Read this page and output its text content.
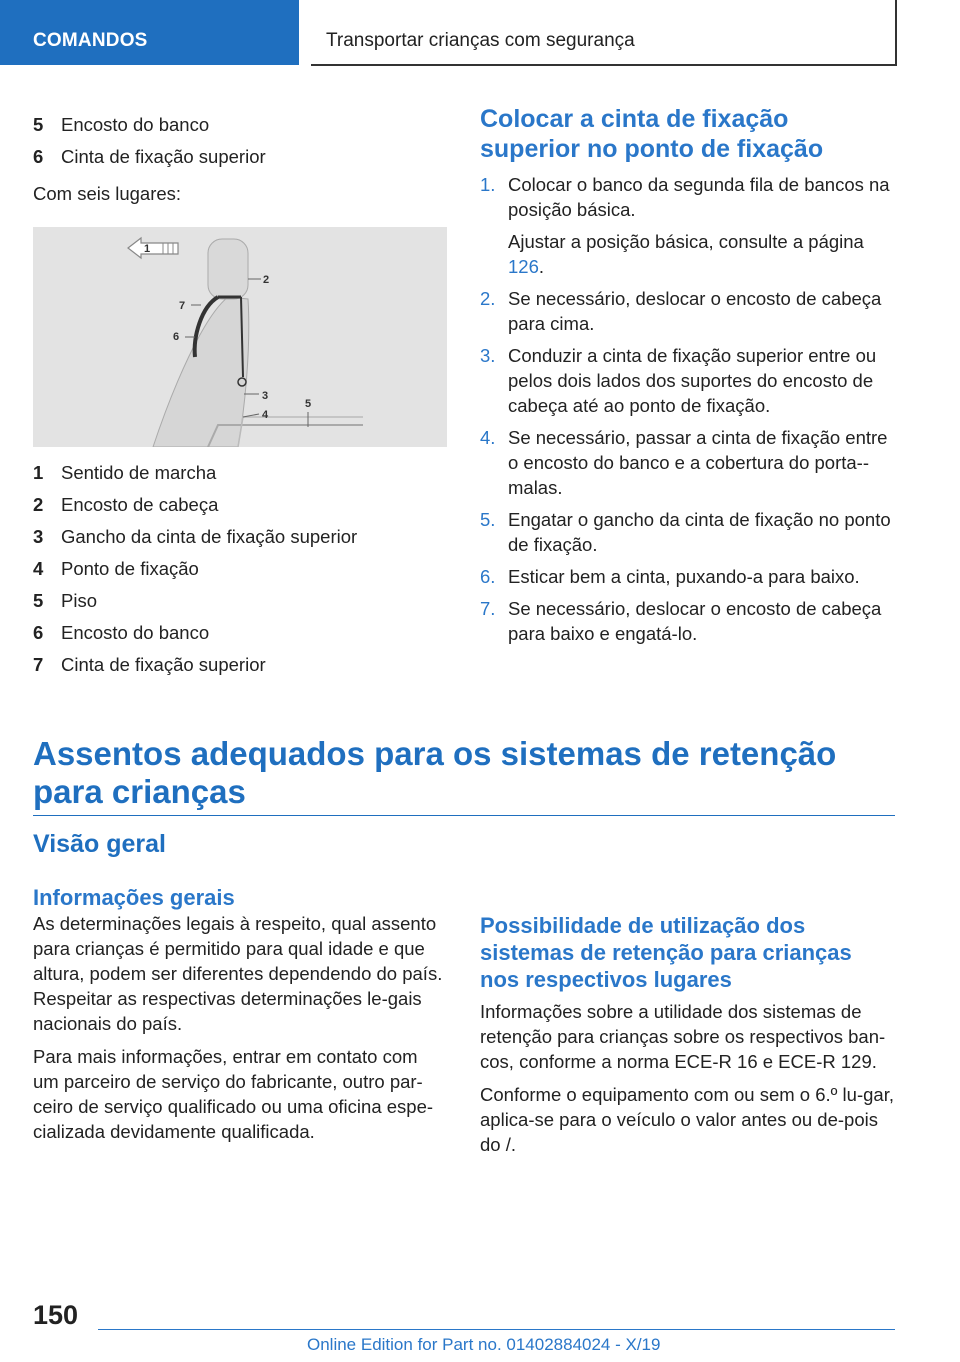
COMANDOS	Transportar crianças com segurança
5 Encosto do banco
6 Cinta de fixação superior

Com seis lugares:

1
2
3
4
5
6
7
1 Sentido de marcha
2 Encosto de cabeça
3 Gancho da cinta de fixação superior
4 Ponto de fixação
5 Piso
6 Encosto do banco
7 Cinta de fixação superior
Colocar a cinta de fixação superior no ponto de fixação
1. Colocar o banco da segunda fila de bancos na posição básica.
Ajustar a posição básica, consulte a página 126.
2. Se necessário, deslocar o encosto de cabeça para cima.
3. Conduzir a cinta de fixação superior entre ou pelos dois lados dos suportes do encosto de cabeça até ao ponto de fixação.
4. Se necessário, passar a cinta de fixação entre o encosto do banco e a cobertura do porta--malas.
5. Engatar o gancho da cinta de fixação no ponto de fixação.
6. Esticar bem a cinta, puxando-a para baixo.
7. Se necessário, deslocar o encosto de cabeça para baixo e engatá-lo.
Assentos adequados para os sistemas de retenção para crianças
Visão geral
Informações gerais

As determinações legais à respeito, qual assento para crianças é permitido para qual idade e que altura, podem ser diferentes dependendo do país. Respeitar as respectivas determinações le-gais nacionais do país.

Para mais informações, entrar em contato com um parceiro de serviço do fabricante, outro par-ceiro de serviço qualificado ou uma oficina espe-cializada devidamente qualificada.

Possibilidade de utilização dos sistemas de retenção para crianças nos respectivos lugares

Informações sobre a utilidade dos sistemas de retenção para crianças sobre os respectivos ban-cos, conforme a norma ECE-R 16 e ECE-R 129.

Conforme o equipamento com ou sem o 6.º lu-gar, aplica-se para o veículo o valor antes ou de-pois do /.

150
Online Edition for Part no. 01402884024 - X/19
